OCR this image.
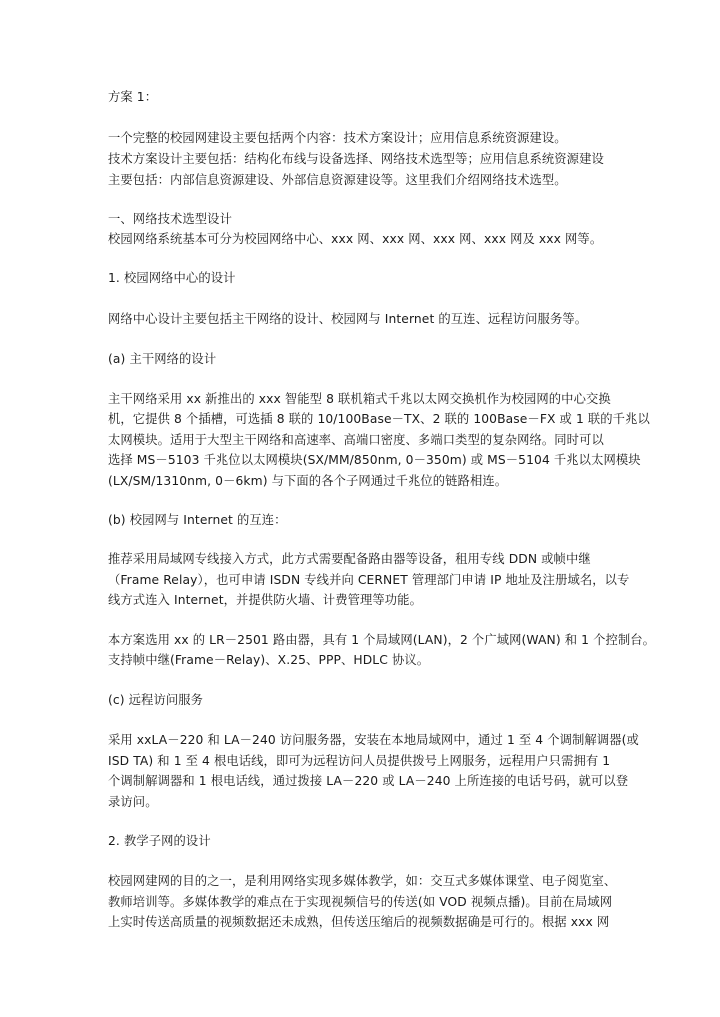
方案 1：
一个完整的校园网建设主要包括两个内容：技术方案设计；应用信息系统资源建设。
技术方案设计主要包括：结构化布线与设备选择、网络技术选型等；应用信息系统资源建设
主要包括：内部信息资源建设、外部信息资源建设等。这里我们介绍网络技术选型。
一、网络技术选型设计
校园网络系统基本可分为校园网络中心、xxx 网、xxx 网、xxx 网、xxx 网及 xxx 网等。
1. 校园网络中心的设计
网络中心设计主要包括主干网络的设计、校园网与 Internet 的互连、远程访问服务等。
(a) 主干网络的设计
主干网络采用 xx 新推出的 xxx 智能型 8 联机箱式千兆以太网交换机作为校园网的中心交换
机，它提供 8 个插槽，可选插 8 联的 10/100Base－TX、2 联的 100Base－FX 或 1 联的千兆以
太网模块。适用于大型主干网络和高速率、高端口密度、多端口类型的复杂网络。同时可以
选择 MS－5103 千兆位以太网模块(SX/MM/850nm, 0－350m) 或 MS－5104 千兆以太网模块
(LX/SM/1310nm, 0－6km) 与下面的各个子网通过千兆位的链路相连。
(b) 校园网与 Internet 的互连：
推荐采用局域网专线接入方式，此方式需要配备路由器等设备，租用专线 DDN 或帧中继
（Frame Relay），也可申请 ISDN 专线并向 CERNET 管理部门申请 IP 地址及注册域名，以专
线方式连入 Internet，并提供防火墙、计费管理等功能。
本方案选用 xx 的 LR－2501 路由器，具有 1 个局域网(LAN)，2 个广域网(WAN) 和 1 个控制台。
支持帧中继(Frame－Relay)、X.25、PPP、HDLC 协议。
(c) 远程访问服务
采用 xxLA－220 和 LA－240 访问服务器，安装在本地局域网中，通过 1 至 4 个调制解调器(或
ISD TA) 和 1 至 4 根电话线，即可为远程访问人员提供拨号上网服务，远程用户只需拥有 1
个调制解调器和 1 根电话线，通过拨接 LA－220 或 LA－240 上所连接的电话号码，就可以登
录访问。
2. 教学子网的设计
校园网建网的目的之一，是利用网络实现多媒体教学，如：交互式多媒体课堂、电子阅览室、
教师培训等。多媒体教学的难点在于实现视频信号的传送(如 VOD 视频点播)。目前在局域网
上实时传送高质量的视频数据还未成熟，但传送压缩后的视频数据确是可行的。根据 xxx 网
